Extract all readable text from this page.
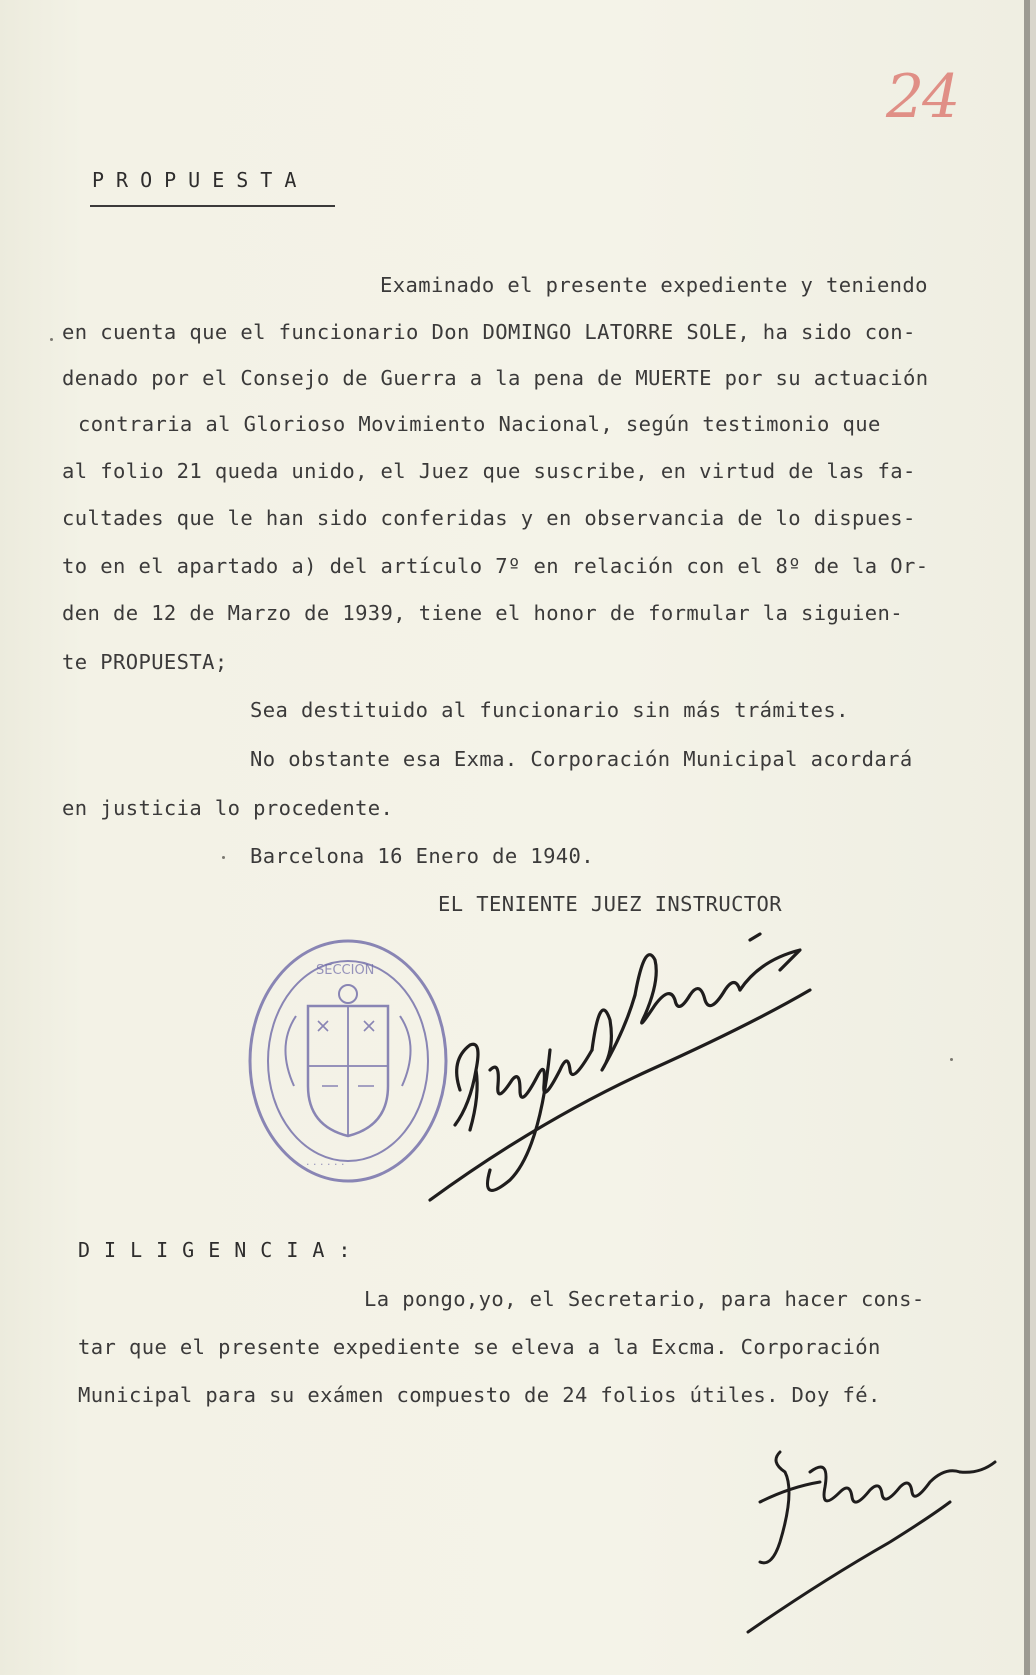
24
PROPUESTA
Examinado el presente expediente y teniendo
en cuenta que el funcionario Don DOMINGO LATORRE SOLE, ha sido con-
denado por el Consejo de Guerra a la pena de MUERTE por su actuación
contraria al Glorioso Movimiento Nacional, según testimonio que
al folio 21 queda unido, el Juez que suscribe, en virtud de las fa-
cultades que le han sido conferidas y en observancia de lo dispues-
to en el apartado a) del artículo 7º en relación con el 8º de la Or-
den de 12 de Marzo de 1939, tiene el honor de formular la siguien-
te PROPUESTA;
Sea destituido al funcionario sin más trámites.
No obstante esa Exma. Corporación Municipal acordará
en justicia lo procedente.
Barcelona 16 Enero de 1940.
EL TENIENTE JUEZ INSTRUCTOR
SECCION
· · · · · ·
DILIGENCIA:
La pongo,yo, el Secretario, para hacer cons-
tar que el presente expediente se eleva a la Excma. Corporación
Municipal para su exámen compuesto de 24 folios útiles. Doy fé.
